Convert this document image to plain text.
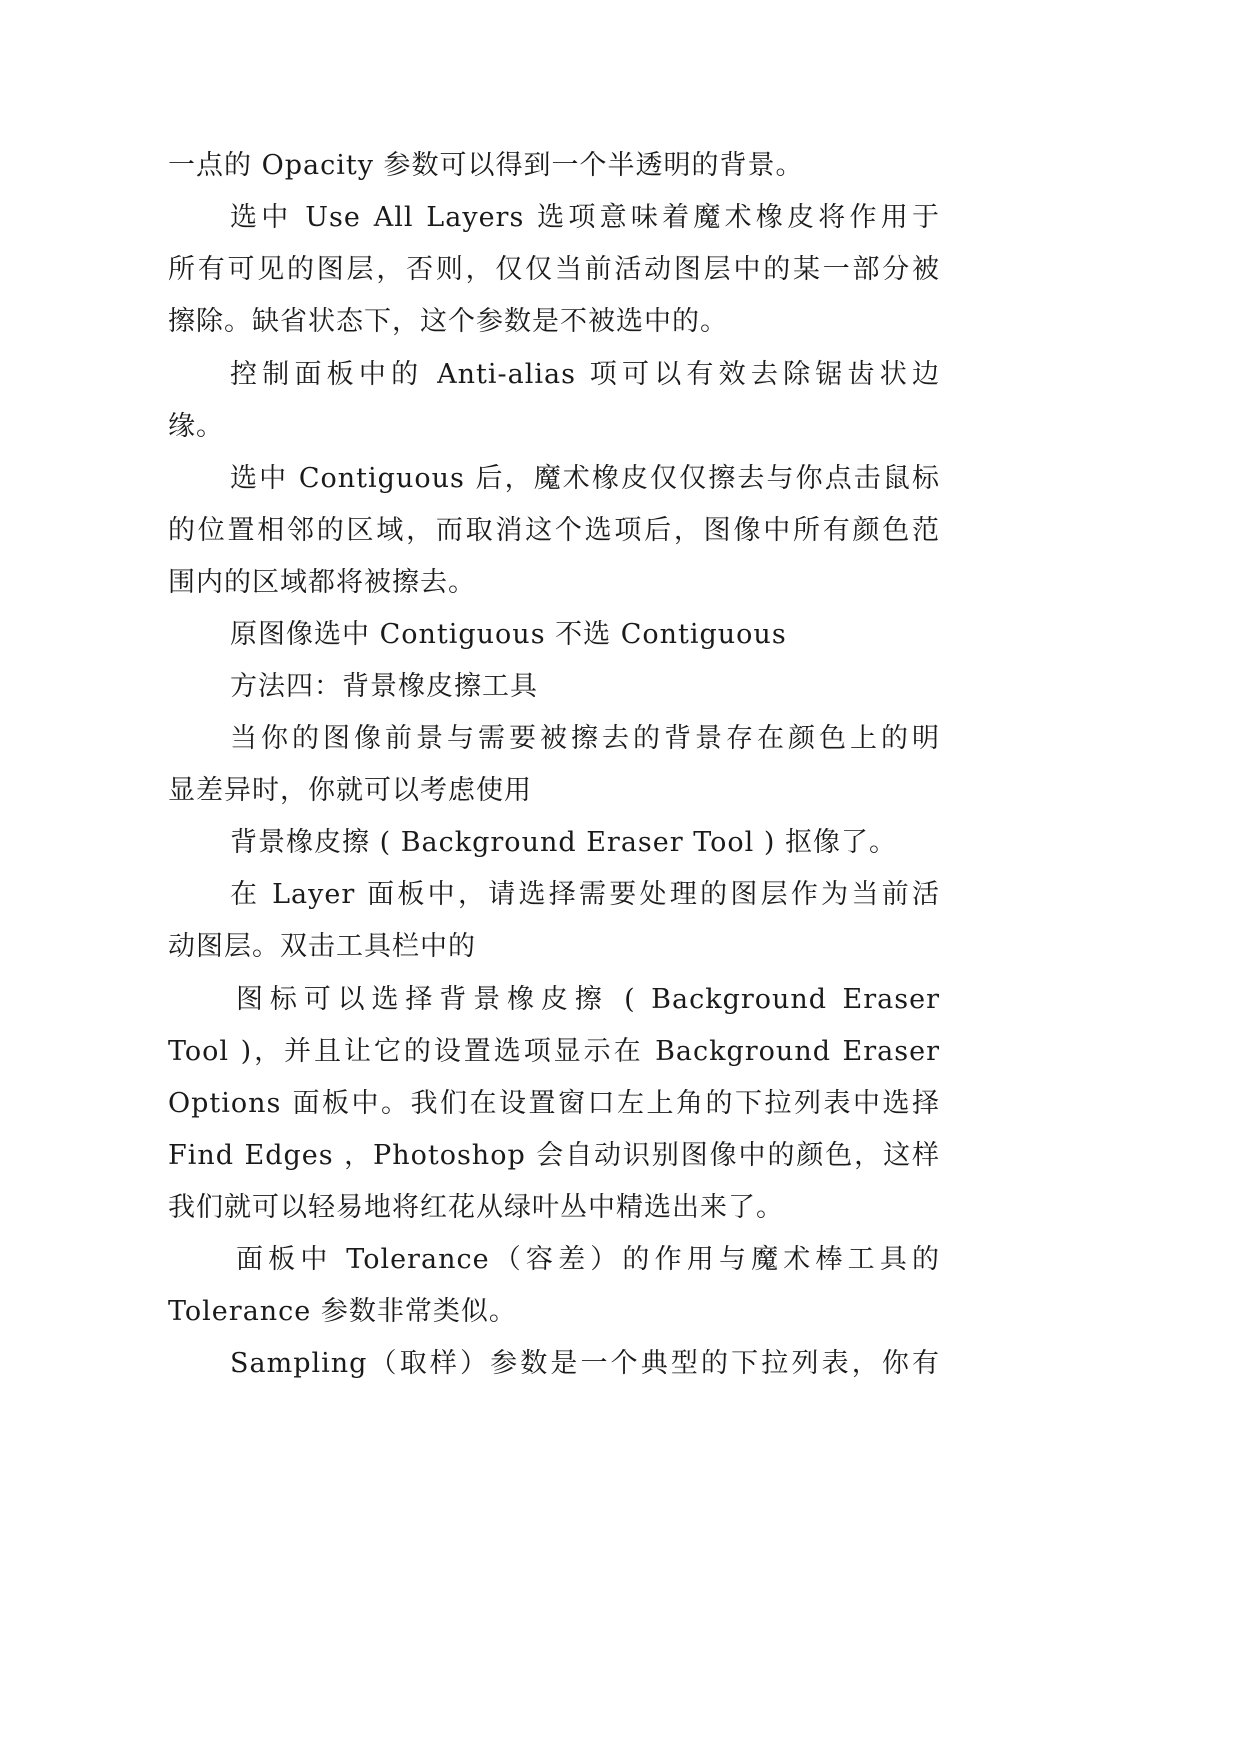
一点的 Opacity 参数可以得到一个半透明的背景。
选中 Use All Layers 选项意味着魔术橡皮将作用于
所有可见的图层，否则，仅仅当前活动图层中的某一部分被
擦除。缺省状态下，这个参数是不被选中的。
控制面板中的 Anti-alias 项可以有效去除锯齿状边
缘。
选中 Contiguous 后，魔术橡皮仅仅擦去与你点击鼠标
的位置相邻的区域，而取消这个选项后，图像中所有颜色范
围内的区域都将被擦去。
原图像选中 Contiguous 不选 Contiguous
方法四：背景橡皮擦工具
当你的图像前景与需要被擦去的背景存在颜色上的明
显差异时，你就可以考虑使用
背景橡皮擦 ( Background Eraser Tool ) 抠像了。
在 Layer 面板中，请选择需要处理的图层作为当前活
动图层。双击工具栏中的
图标可以选择背景橡皮擦 ( Background Eraser
Tool )，并且让它的设置选项显示在 Background Eraser
Options 面板中。我们在设置窗口左上角的下拉列表中选择
Find Edges ，Photoshop 会自动识别图像中的颜色，这样
我们就可以轻易地将红花从绿叶丛中精选出来了。
面板中 Tolerance（容差）的作用与魔术棒工具的
Tolerance 参数非常类似。
Sampling（取样）参数是一个典型的下拉列表，你有
